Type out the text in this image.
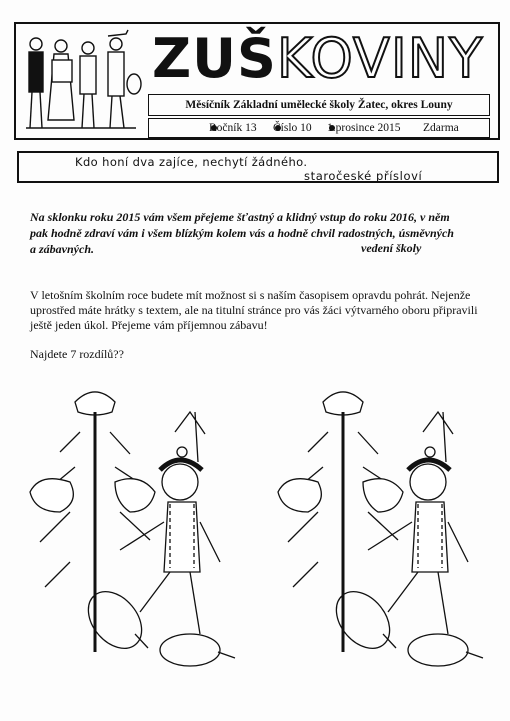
ZUŠKOVINY
Měsíčník Základní umělecké školy Žatec, okres Louny
Ročník 13 Číslo 10 1.prosince 2015 Zdarma
Kdo honí dva zajíce, nechytí žádného.
staročeské přísloví
Na sklonku roku 2015 vám všem přejeme šťastný a klidný vstup do roku 2016, v něm pak hodně zdraví vám i všem blízkým kolem vás a hodně chvil radostných, úsměvných a zábavných.	vedení školy
V letošním školním roce budete mít možnost si s naším časopisem opravdu pohrát. Nejenže uprostřed máte hrátky s textem, ale na titulní stránce pro vás žáci výtvarného oboru připravili ještě jeden úkol. Přejeme vám příjemnou zábavu!
Najdete 7 rozdílů??
